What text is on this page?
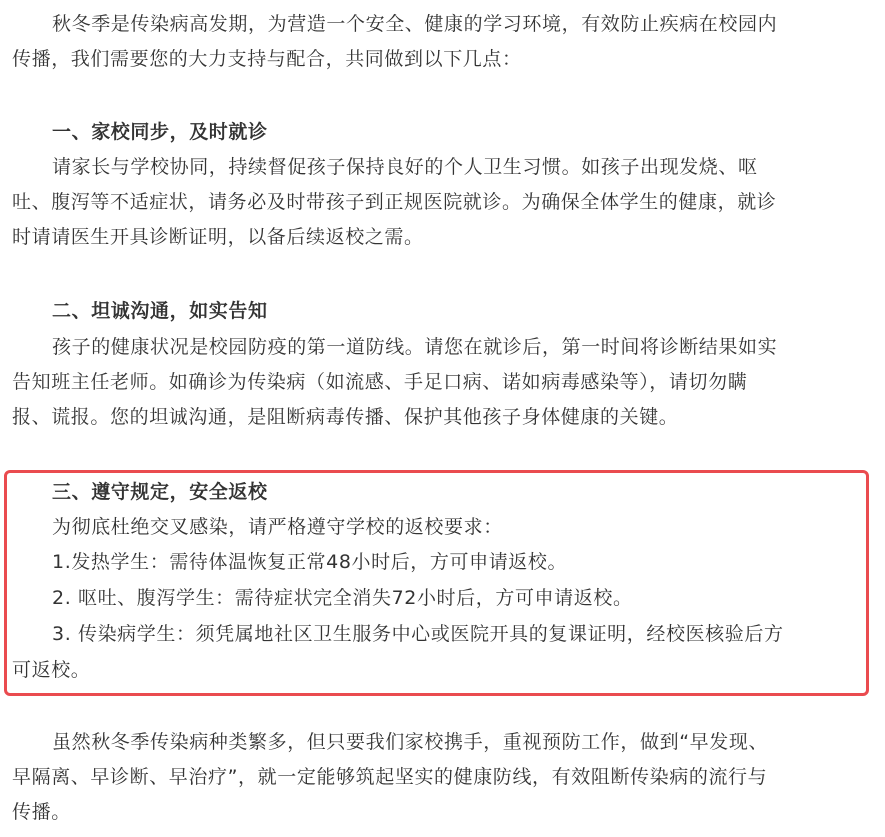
秋冬季是传染病高发期，为营造一个安全、健康的学习环境，有效防止疾病在校园内
传播，我们需要您的大力支持与配合，共同做到以下几点：
一、家校同步，及时就诊
请家长与学校协同，持续督促孩子保持良好的个人卫生习惯。如孩子出现发烧、呕
吐、腹泻等不适症状，请务必及时带孩子到正规医院就诊。为确保全体学生的健康，就诊
时请请医生开具诊断证明，以备后续返校之需。
二、坦诚沟通，如实告知
孩子的健康状况是校园防疫的第一道防线。请您在就诊后，第一时间将诊断结果如实
告知班主任老师。如确诊为传染病（如流感、手足口病、诺如病毒感染等），请切勿瞒
报、谎报。您的坦诚沟通，是阻断病毒传播、保护其他孩子身体健康的关键。
三、遵守规定，安全返校
为彻底杜绝交叉感染，请严格遵守学校的返校要求：
1.发热学生：需待体温恢复正常48小时后，方可申请返校。
2. 呕吐、腹泻学生：需待症状完全消失72小时后，方可申请返校。
3. 传染病学生：须凭属地社区卫生服务中心或医院开具的复课证明，经校医核验后方
可返校。
虽然秋冬季传染病种类繁多，但只要我们家校携手，重视预防工作，做到“早发现、
早隔离、早诊断、早治疗”，就一定能够筑起坚实的健康防线，有效阻断传染病的流行与
传播。
